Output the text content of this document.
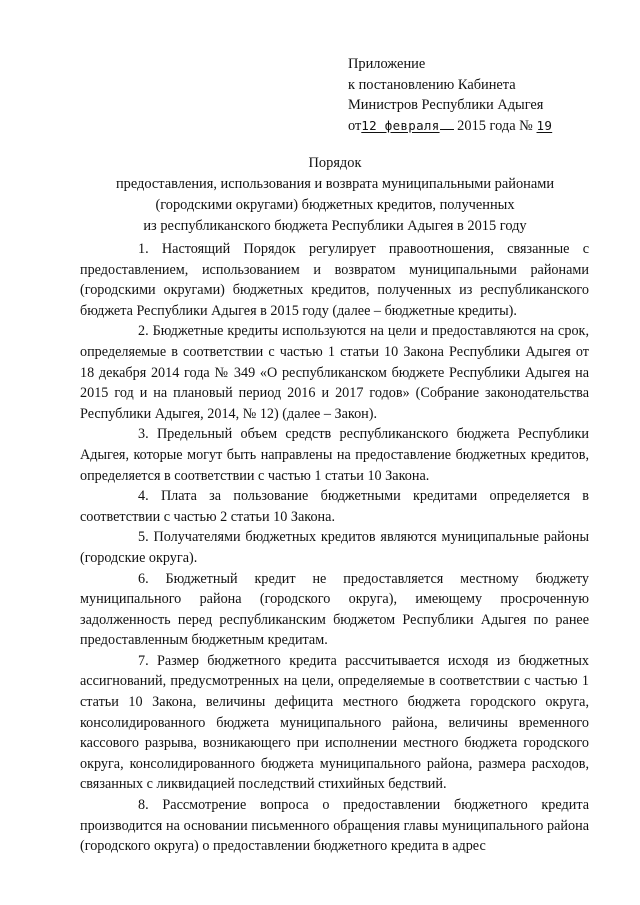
Приложение
к постановлению Кабинета
Министров Республики Адыгея
от12 февраля 2015 года № 19
Порядок
предоставления, использования и возврата муниципальными районами
(городскими округами) бюджетных кредитов, полученных
из республиканского бюджета Республики Адыгея в 2015 году

1. Настоящий Порядок регулирует правоотношения, связанные с предоставлением, использованием и возвратом муниципальными районами (городскими округами) бюджетных кредитов, полученных из республиканского бюджета Республики Адыгея в 2015 году (далее – бюджетные кредиты).

2. Бюджетные кредиты используются на цели и предоставляются на срок, определяемые в соответствии с частью 1 статьи 10 Закона Республики Адыгея от 18 декабря 2014 года № 349 «О республиканском бюджете Республики Адыгея на 2015 год и на плановый период 2016 и 2017 годов» (Собрание законодательства Республики Адыгея, 2014, № 12) (далее – Закон).

3. Предельный объем средств республиканского бюджета Республики Адыгея, которые могут быть направлены на предоставление бюджетных кредитов, определяется в соответствии с частью 1 статьи 10 Закона.

4. Плата за пользование бюджетными кредитами определяется в соответствии с частью 2 статьи 10 Закона.

5. Получателями бюджетных кредитов являются муниципальные районы (городские округа).

6. Бюджетный кредит не предоставляется местному бюджету муниципального района (городского округа), имеющему просроченную задолженность перед республиканским бюджетом Республики Адыгея по ранее предоставленным бюджетным кредитам.

7. Размер бюджетного кредита рассчитывается исходя из бюджетных ассигнований, предусмотренных на цели, определяемые в соответствии с частью 1 статьи 10 Закона, величины дефицита местного бюджета городского округа, консолидированного бюджета муниципального района, величины временного кассового разрыва, возникающего при исполнении местного бюджета городского округа, консолидированного бюджета муниципального района, размера расходов, связанных с ликвидацией последствий стихийных бедствий.

8. Рассмотрение вопроса о предоставлении бюджетного кредита производится на основании письменного обращения главы муниципального района (городского округа) о предоставлении бюджетного кредита в адрес
